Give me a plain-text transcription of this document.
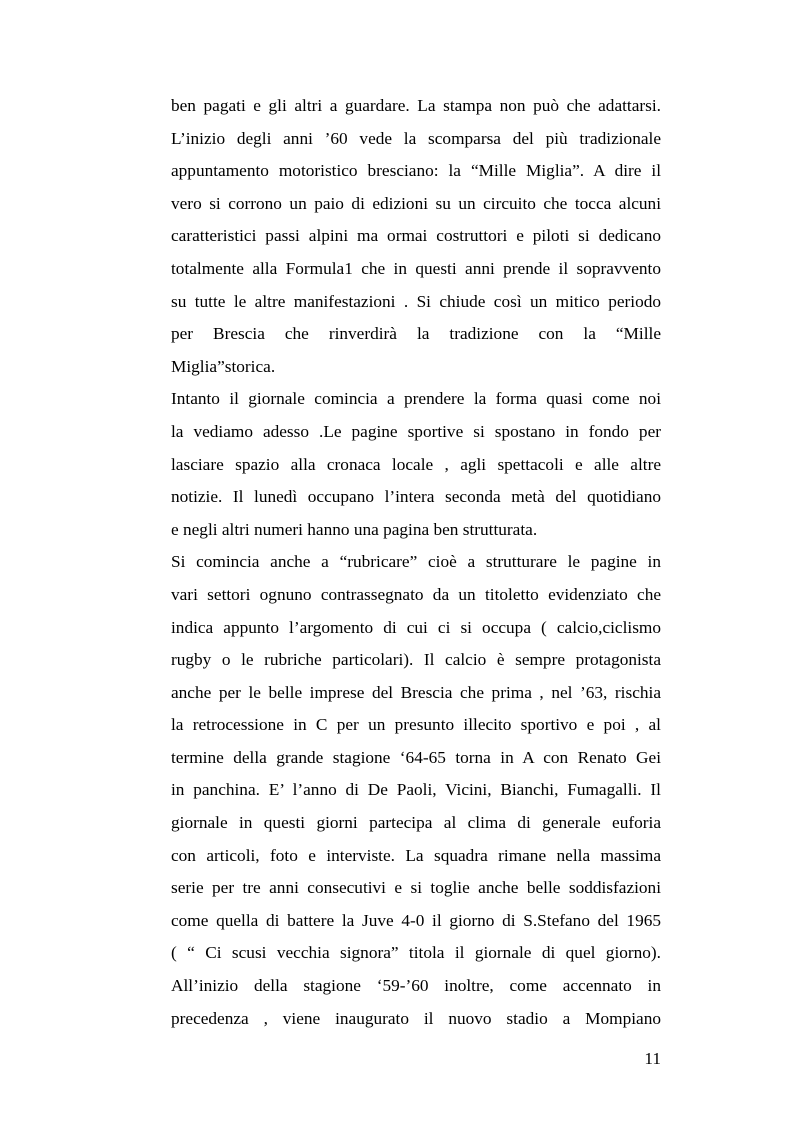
ben pagati e gli altri a guardare. La stampa non può che adattarsi.
L’inizio degli anni ’60 vede la scomparsa del più tradizionale
appuntamento motoristico bresciano: la “Mille Miglia”. A dire il
vero si corrono un paio di edizioni su un circuito che tocca alcuni
caratteristici passi alpini ma ormai costruttori e piloti si dedicano
totalmente alla Formula1 che in questi anni prende il sopravvento
su tutte le altre manifestazioni . Si chiude così un mitico periodo
per Brescia che rinverdirà la tradizione con la “Mille
Miglia”storica.
Intanto il giornale comincia a prendere la forma quasi come noi
la vediamo adesso .Le pagine sportive si spostano in fondo per
lasciare spazio alla cronaca locale , agli spettacoli e alle altre
notizie. Il lunedì occupano l’intera seconda metà del quotidiano
e negli altri numeri hanno una pagina ben strutturata.
Si comincia anche a “rubricare” cioè a strutturare le pagine in
vari settori ognuno contrassegnato da un titoletto evidenziato che
indica appunto l’argomento di cui ci si occupa ( calcio,ciclismo
rugby o le rubriche particolari). Il calcio è sempre protagonista
anche per le belle imprese del Brescia che prima , nel ’63, rischia
la retrocessione in C per un presunto illecito sportivo e poi , al
termine della grande stagione ‘64-65 torna in A con Renato Gei
in panchina. E’ l’anno di De Paoli, Vicini, Bianchi, Fumagalli. Il
giornale in questi giorni partecipa al clima di generale euforia
con articoli, foto e interviste. La squadra rimane nella massima
serie per tre anni consecutivi e si toglie anche belle soddisfazioni
come quella di battere la Juve 4-0 il giorno di S.Stefano del 1965
( “ Ci scusi vecchia signora” titola il giornale di quel giorno).
All’inizio della stagione ‘59-’60 inoltre, come accennato in
precedenza , viene inaugurato il nuovo stadio a Mompiano
11
